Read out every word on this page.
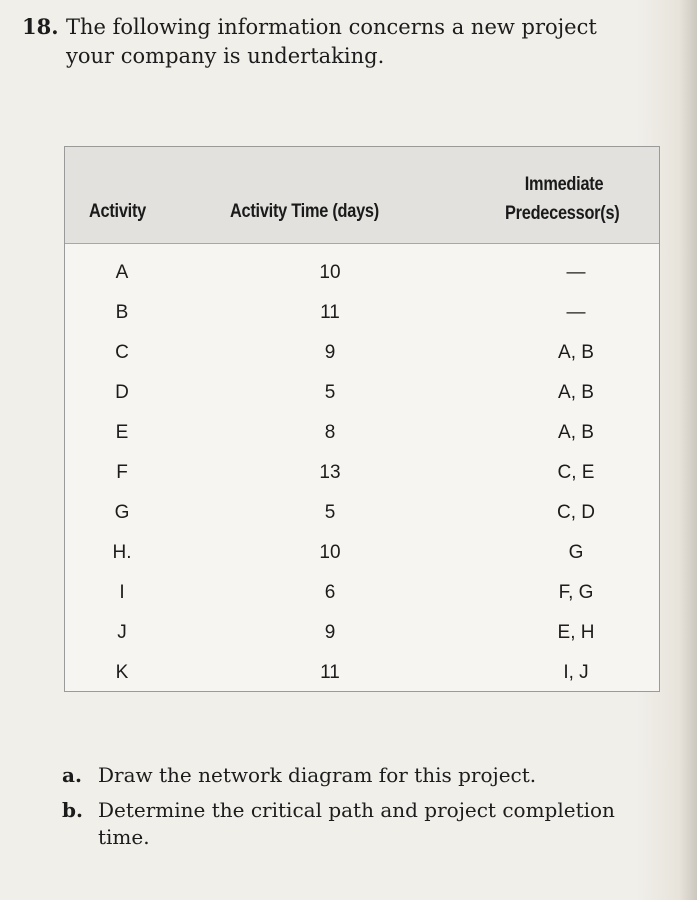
18. The following information concerns a new project
your company is undertaking.
Activity	Activity Time (days)
Immediate
Predecessor(s)
A	10	—
B	11	—
C	9	A, B
D	5	A, B
E	8	A, B
F	13	C, E
G	5	C, D
H.	10	G
I	6	F, G
J	9	E, H
K	11	I, J
a. Draw the network diagram for this project.
b. Determine the critical path and project completion time.
